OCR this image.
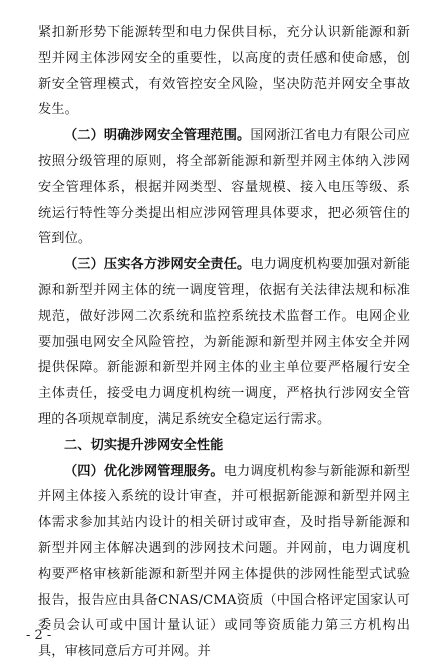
紧扣新形势下能源转型和电力保供目标，充分认识新能源和新型并网主体涉网安全的重要性，以高度的责任感和使命感，创新安全管理模式，有效管控安全风险，坚决防范并网安全事故发生。

（二）明确涉网安全管理范围。国网浙江省电力有限公司应按照分级管理的原则，将全部新能源和新型并网主体纳入涉网安全管理体系，根据并网类型、容量规模、接入电压等级、系统运行特性等分类提出相应涉网管理具体要求，把必须管住的管到位。

（三）压实各方涉网安全责任。电力调度机构要加强对新能源和新型并网主体的统一调度管理，依据有关法律法规和标准规范，做好涉网二次系统和监控系统技术监督工作。电网企业要加强电网安全风险管控，为新能源和新型并网主体安全并网提供保障。新能源和新型并网主体的业主单位要严格履行安全主体责任，接受电力调度机构统一调度，严格执行涉网安全管理的各项规章制度，满足系统安全稳定运行需求。

二、切实提升涉网安全性能

（四）优化涉网管理服务。电力调度机构参与新能源和新型并网主体接入系统的设计审查，并可根据新能源和新型并网主体需求参加其站内设计的相关研讨或审查，及时指导新能源和新型并网主体解决遇到的涉网技术问题。并网前，电力调度机构要严格审核新能源和新型并网主体提供的涉网性能型式试验报告，报告应由具备CNAS/CMA资质（中国合格评定国家认可委员会认可或中国计量认证）或同等资质能力第三方机构出具，审核同意后方可并网。并

- 2 -
